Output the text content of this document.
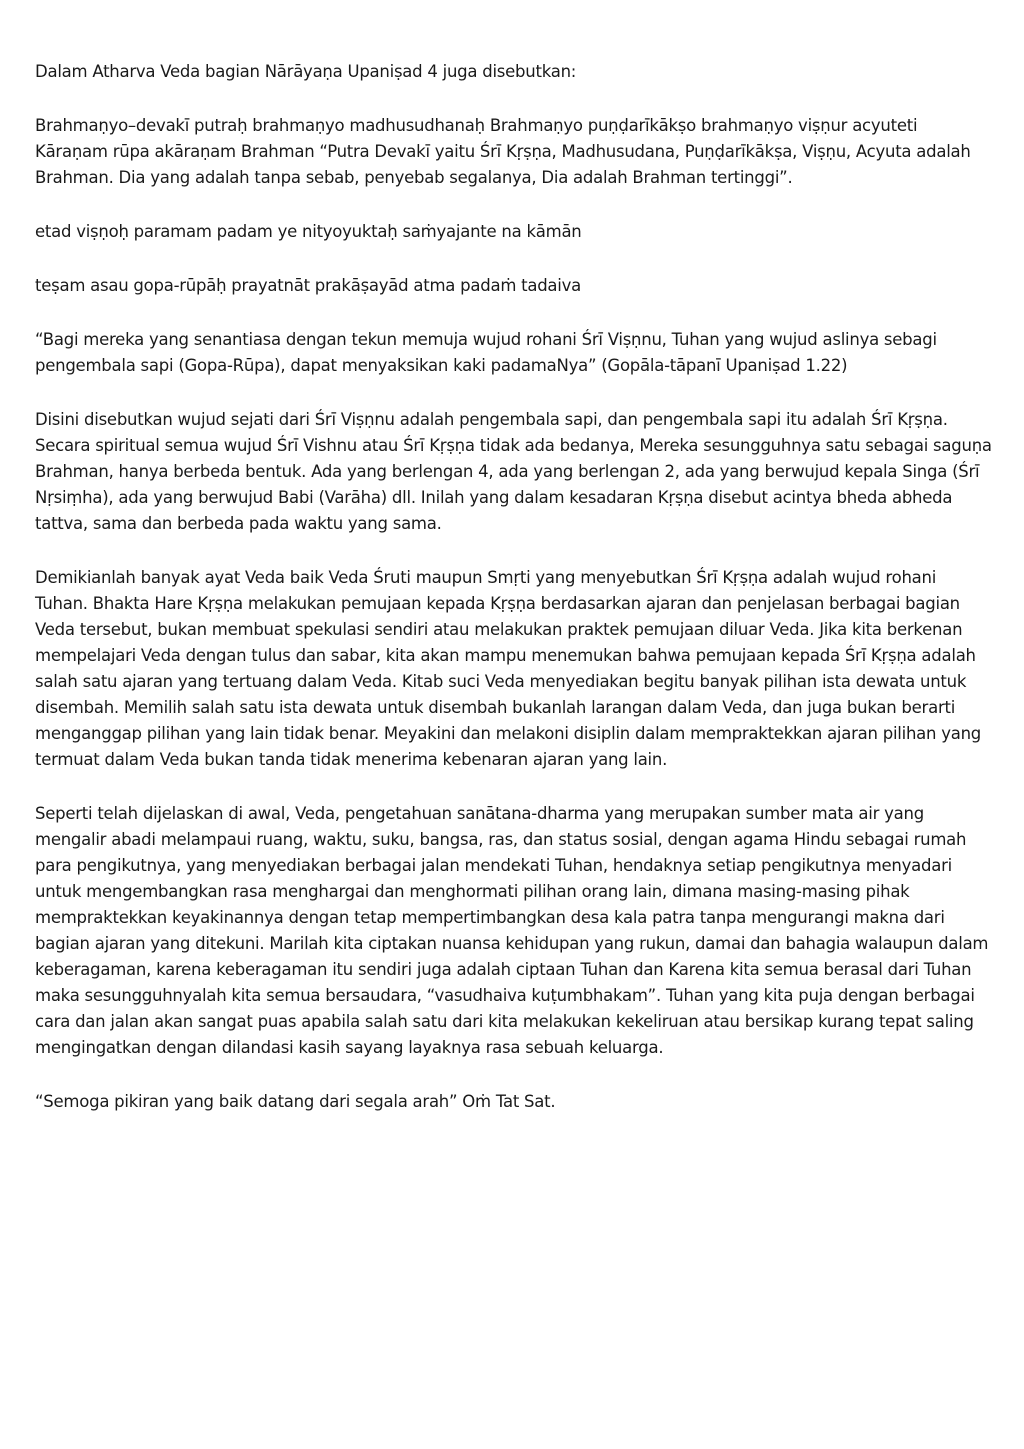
Dalam Atharva Veda bagian Nārāyaṇa Upaniṣad 4 juga disebutkan:

Brahmaṇyo–devakī putraḥ brahmaṇyo madhusudhanaḥ Brahmaṇyo puṇḍarīkākṣo brahmaṇyo viṣṇur acyuteti Kāraṇam rūpa akāraṇam Brahman “Putra Devakī yaitu Śrī Kṛṣṇa, Madhusudana, Puṇḍarīkākṣa, Viṣṇu, Acyuta adalah Brahman. Dia yang adalah tanpa sebab, penyebab segalanya, Dia adalah Brahman tertinggi”.

etad viṣṇoḥ paramam padam ye nityoyuktaḥ saṁyajante na kāmān

teṣam asau gopa-rūpāḥ prayatnāt prakāṣayād atma padaṁ tadaiva

“Bagi mereka yang senantiasa dengan tekun memuja wujud rohani Śrī Viṣṇnu, Tuhan yang wujud aslinya sebagi pengembala sapi (Gopa-Rūpa), dapat menyaksikan kaki padamaNya” (Gopāla-tāpanī Upaniṣad 1.22)

Disini disebutkan wujud sejati dari Śrī Viṣṇnu adalah pengembala sapi, dan pengembala sapi itu adalah Śrī Kṛṣṇa. Secara spiritual semua wujud Śrī Vishnu atau Śrī Kṛṣṇa tidak ada bedanya, Mereka sesungguhnya satu sebagai saguṇa Brahman, hanya berbeda bentuk. Ada yang berlengan 4, ada yang berlengan 2, ada yang berwujud kepala Singa (Śrī Nṛsiṃha), ada yang berwujud Babi (Varāha) dll. Inilah yang dalam kesadaran Kṛṣṇa disebut acintya bheda abheda tattva, sama dan berbeda pada waktu yang sama.

Demikianlah banyak ayat Veda baik Veda Śruti maupun Smṛti yang menyebutkan Śrī Kṛṣṇa adalah wujud rohani Tuhan. Bhakta Hare Kṛṣṇa melakukan pemujaan kepada Kṛṣṇa berdasarkan ajaran dan penjelasan berbagai bagian Veda tersebut, bukan membuat spekulasi sendiri atau melakukan praktek pemujaan diluar Veda. Jika kita berkenan mempelajari Veda dengan tulus dan sabar, kita akan mampu menemukan bahwa pemujaan kepada Śrī Kṛṣṇa adalah salah satu ajaran yang tertuang dalam Veda. Kitab suci Veda menyediakan begitu banyak pilihan ista dewata untuk disembah. Memilih salah satu ista dewata untuk disembah bukanlah larangan dalam Veda, dan juga bukan berarti menganggap pilihan yang lain tidak benar. Meyakini dan melakoni disiplin dalam mempraktekkan ajaran pilihan yang termuat dalam Veda bukan tanda tidak menerima kebenaran ajaran yang lain.

Seperti telah dijelaskan di awal, Veda, pengetahuan sanātana-dharma yang merupakan sumber mata air yang mengalir abadi melampaui ruang, waktu, suku, bangsa, ras, dan status sosial, dengan agama Hindu sebagai rumah para pengikutnya, yang menyediakan berbagai jalan mendekati Tuhan, hendaknya setiap pengikutnya menyadari untuk mengembangkan rasa menghargai dan menghormati pilihan orang lain, dimana masing-masing pihak mempraktekkan keyakinannya dengan tetap mempertimbangkan desa kala patra tanpa mengurangi makna dari bagian ajaran yang ditekuni. Marilah kita ciptakan nuansa kehidupan yang rukun, damai dan bahagia walaupun dalam keberagaman, karena keberagaman itu sendiri juga adalah ciptaan Tuhan dan Karena kita semua berasal dari Tuhan maka sesungguhnyalah kita semua bersaudara, “vasudhaiva kuṭumbhakam”. Tuhan yang kita puja dengan berbagai cara dan jalan akan sangat puas apabila salah satu dari kita melakukan kekeliruan atau bersikap kurang tepat saling mengingatkan dengan dilandasi kasih sayang layaknya rasa sebuah keluarga.

“Semoga pikiran yang baik datang dari segala arah” Oṁ Tat Sat.
